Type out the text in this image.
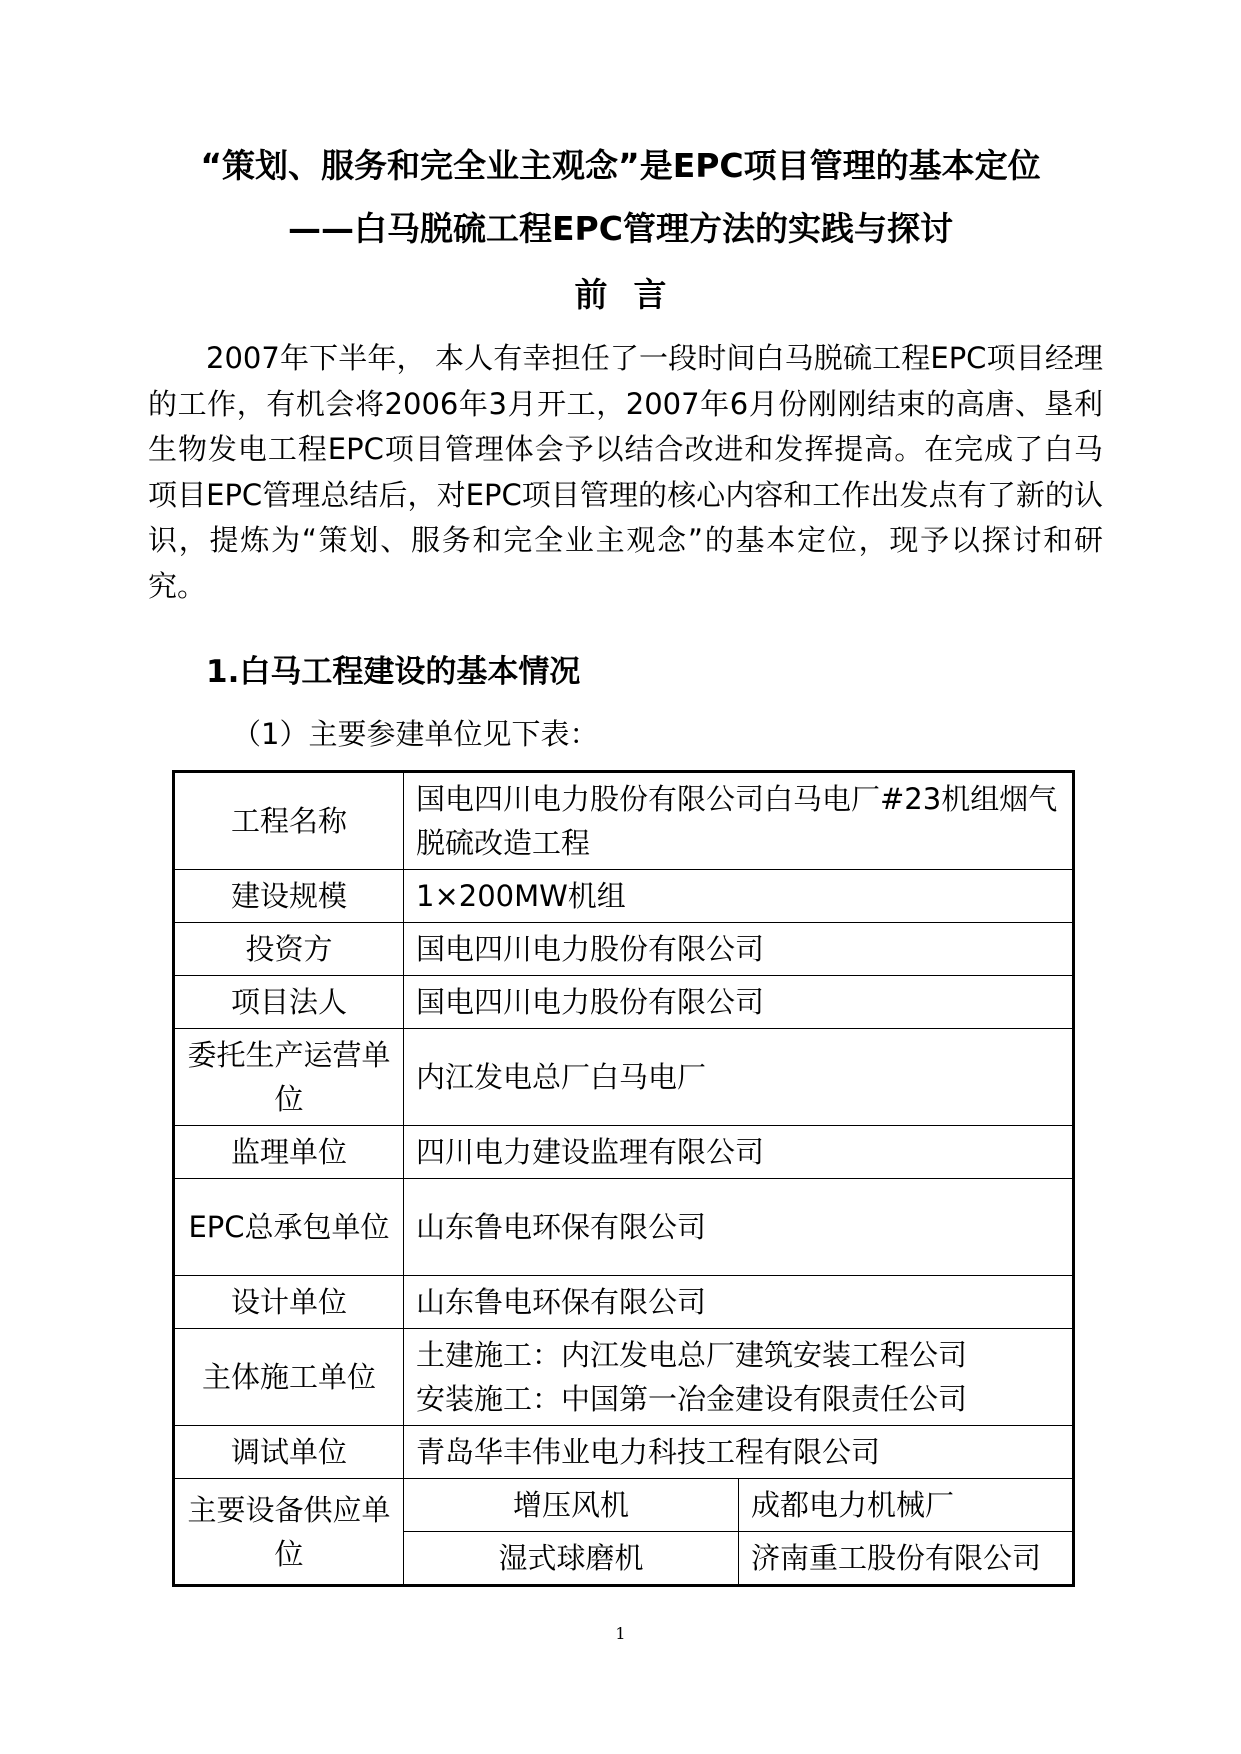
“策划、服务和完全业主观念”是EPC项目管理的基本定位
——白马脱硫工程EPC管理方法的实践与探讨
前言
2007年下半年， 本人有幸担任了一段时间白马脱硫工程EPC项目经理的工作，有机会将2006年3月开工，2007年6月份刚刚结束的高唐、垦利生物发电工程EPC项目管理体会予以结合改进和发挥提高。在完成了白马项目EPC管理总结后，对EPC项目管理的核心内容和工作出发点有了新的认识，提炼为“策划、服务和完全业主观念”的基本定位，现予以探讨和研究。
1.白马工程建设的基本情况
（1）主要参建单位见下表：
工程名称	国电四川电力股份有限公司白马电厂#23机组烟气脱硫改造工程	
建设规模	1×200MW机组	
投资方	国电四川电力股份有限公司	
项目法人	国电四川电力股份有限公司	
委托生产运营单位	内江发电总厂白马电厂	
监理单位	四川电力建设监理有限公司	
EPC总承包单位	山东鲁电环保有限公司	
设计单位	山东鲁电环保有限公司	
主体施工单位	土建施工：内江发电总厂建筑安装工程公司
安装施工：中国第一冶金建设有限责任公司	

调试单位	青岛华丰伟业电力科技工程有限公司	
主要设备供应单位	增压风机	成都电力机械厂
	湿式球磨机	济南重工股份有限公司
1
